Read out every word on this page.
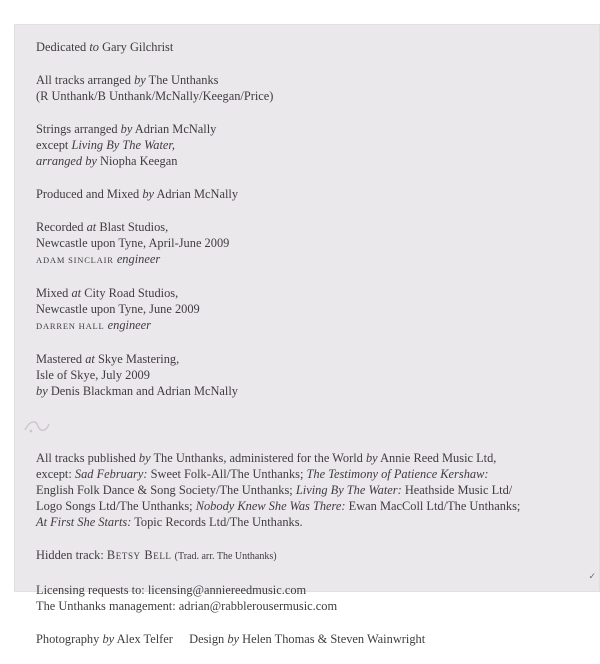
Dedicated to Gary Gilchrist
All tracks arranged by The Unthanks
(R Unthank/B Unthank/McNally/Keegan/Price)
Strings arranged by Adrian McNally
except Living By The Water,
arranged by Niopha Keegan
Produced and Mixed by Adrian McNally
Recorded at Blast Studios,
Newcastle upon Tyne, April-June 2009
ADAM SINCLAIR engineer
Mixed at City Road Studios,
Newcastle upon Tyne, June 2009
DARREN HALL engineer
Mastered at Skye Mastering,
Isle of Skye, July 2009
by Denis Blackman and Adrian McNally
All tracks published by The Unthanks, administered for the World by Annie Reed Music Ltd,
except: Sad February: Sweet Folk-All/The Unthanks; The Testimony of Patience Kershaw:
English Folk Dance & Song Society/The Unthanks; Living By The Water: Heathside Music Ltd/
Logo Songs Ltd/The Unthanks; Nobody Knew She Was There: Ewan MacColl Ltd/The Unthanks;
At First She Starts: Topic Records Ltd/The Unthanks.
Hidden track: Betsy Bell (Trad. arr. The Unthanks)
Licensing requests to: licensing@anniereedmusic.com
The Unthanks management: adrian@rabblerousermusic.com
Photography by Alex Telfer Design by Helen Thomas & Steven Wainwright
✓
